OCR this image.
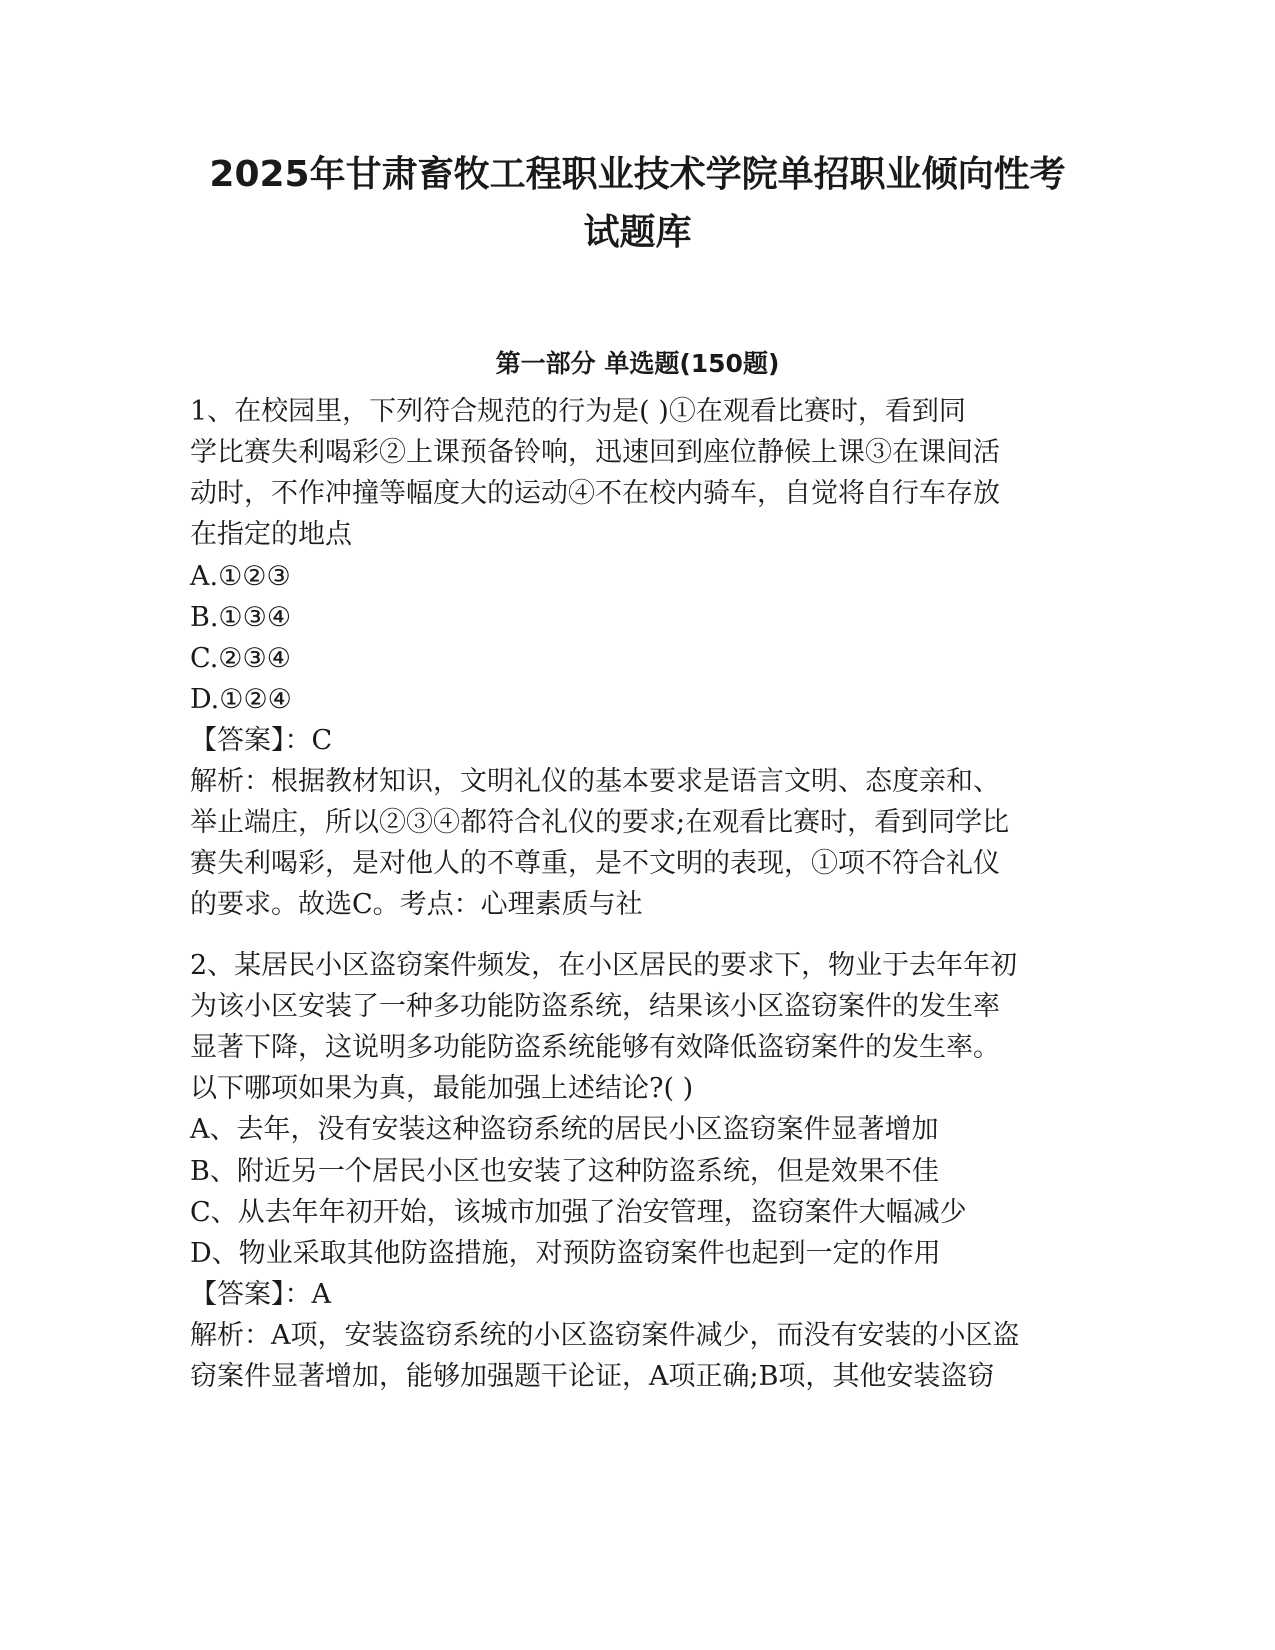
2025年甘肃畜牧工程职业技术学院单招职业倾向性考
试题库
第一部分 单选题(150题)

1、在校园里，下列符合规范的行为是( )①在观看比赛时，看到同

学比赛失利喝彩②上课预备铃响，迅速回到座位静候上课③在课间活

动时，不作冲撞等幅度大的运动④不在校内骑车，自觉将自行车存放

在指定的地点

A.①②③

B.①③④

C.②③④

D.①②④

【答案】：C

解析：根据教材知识，文明礼仪的基本要求是语言文明、态度亲和、

举止端庄，所以②③④都符合礼仪的要求;在观看比赛时，看到同学比

赛失利喝彩，是对他人的不尊重，是不文明的表现，①项不符合礼仪

的要求。故选C。考点：心理素质与社

2、某居民小区盗窃案件频发，在小区居民的要求下，物业于去年年初

为该小区安装了一种多功能防盗系统，结果该小区盗窃案件的发生率

显著下降，这说明多功能防盗系统能够有效降低盗窃案件的发生率。

以下哪项如果为真，最能加强上述结论?( )

A、去年，没有安装这种盗窃系统的居民小区盗窃案件显著增加

B、附近另一个居民小区也安装了这种防盗系统，但是效果不佳

C、从去年年初开始，该城市加强了治安管理，盗窃案件大幅减少

D、物业采取其他防盗措施，对预防盗窃案件也起到一定的作用

【答案】：A

解析：A项，安装盗窃系统的小区盗窃案件减少，而没有安装的小区盗

窃案件显著增加，能够加强题干论证，A项正确;B项，其他安装盗窃
